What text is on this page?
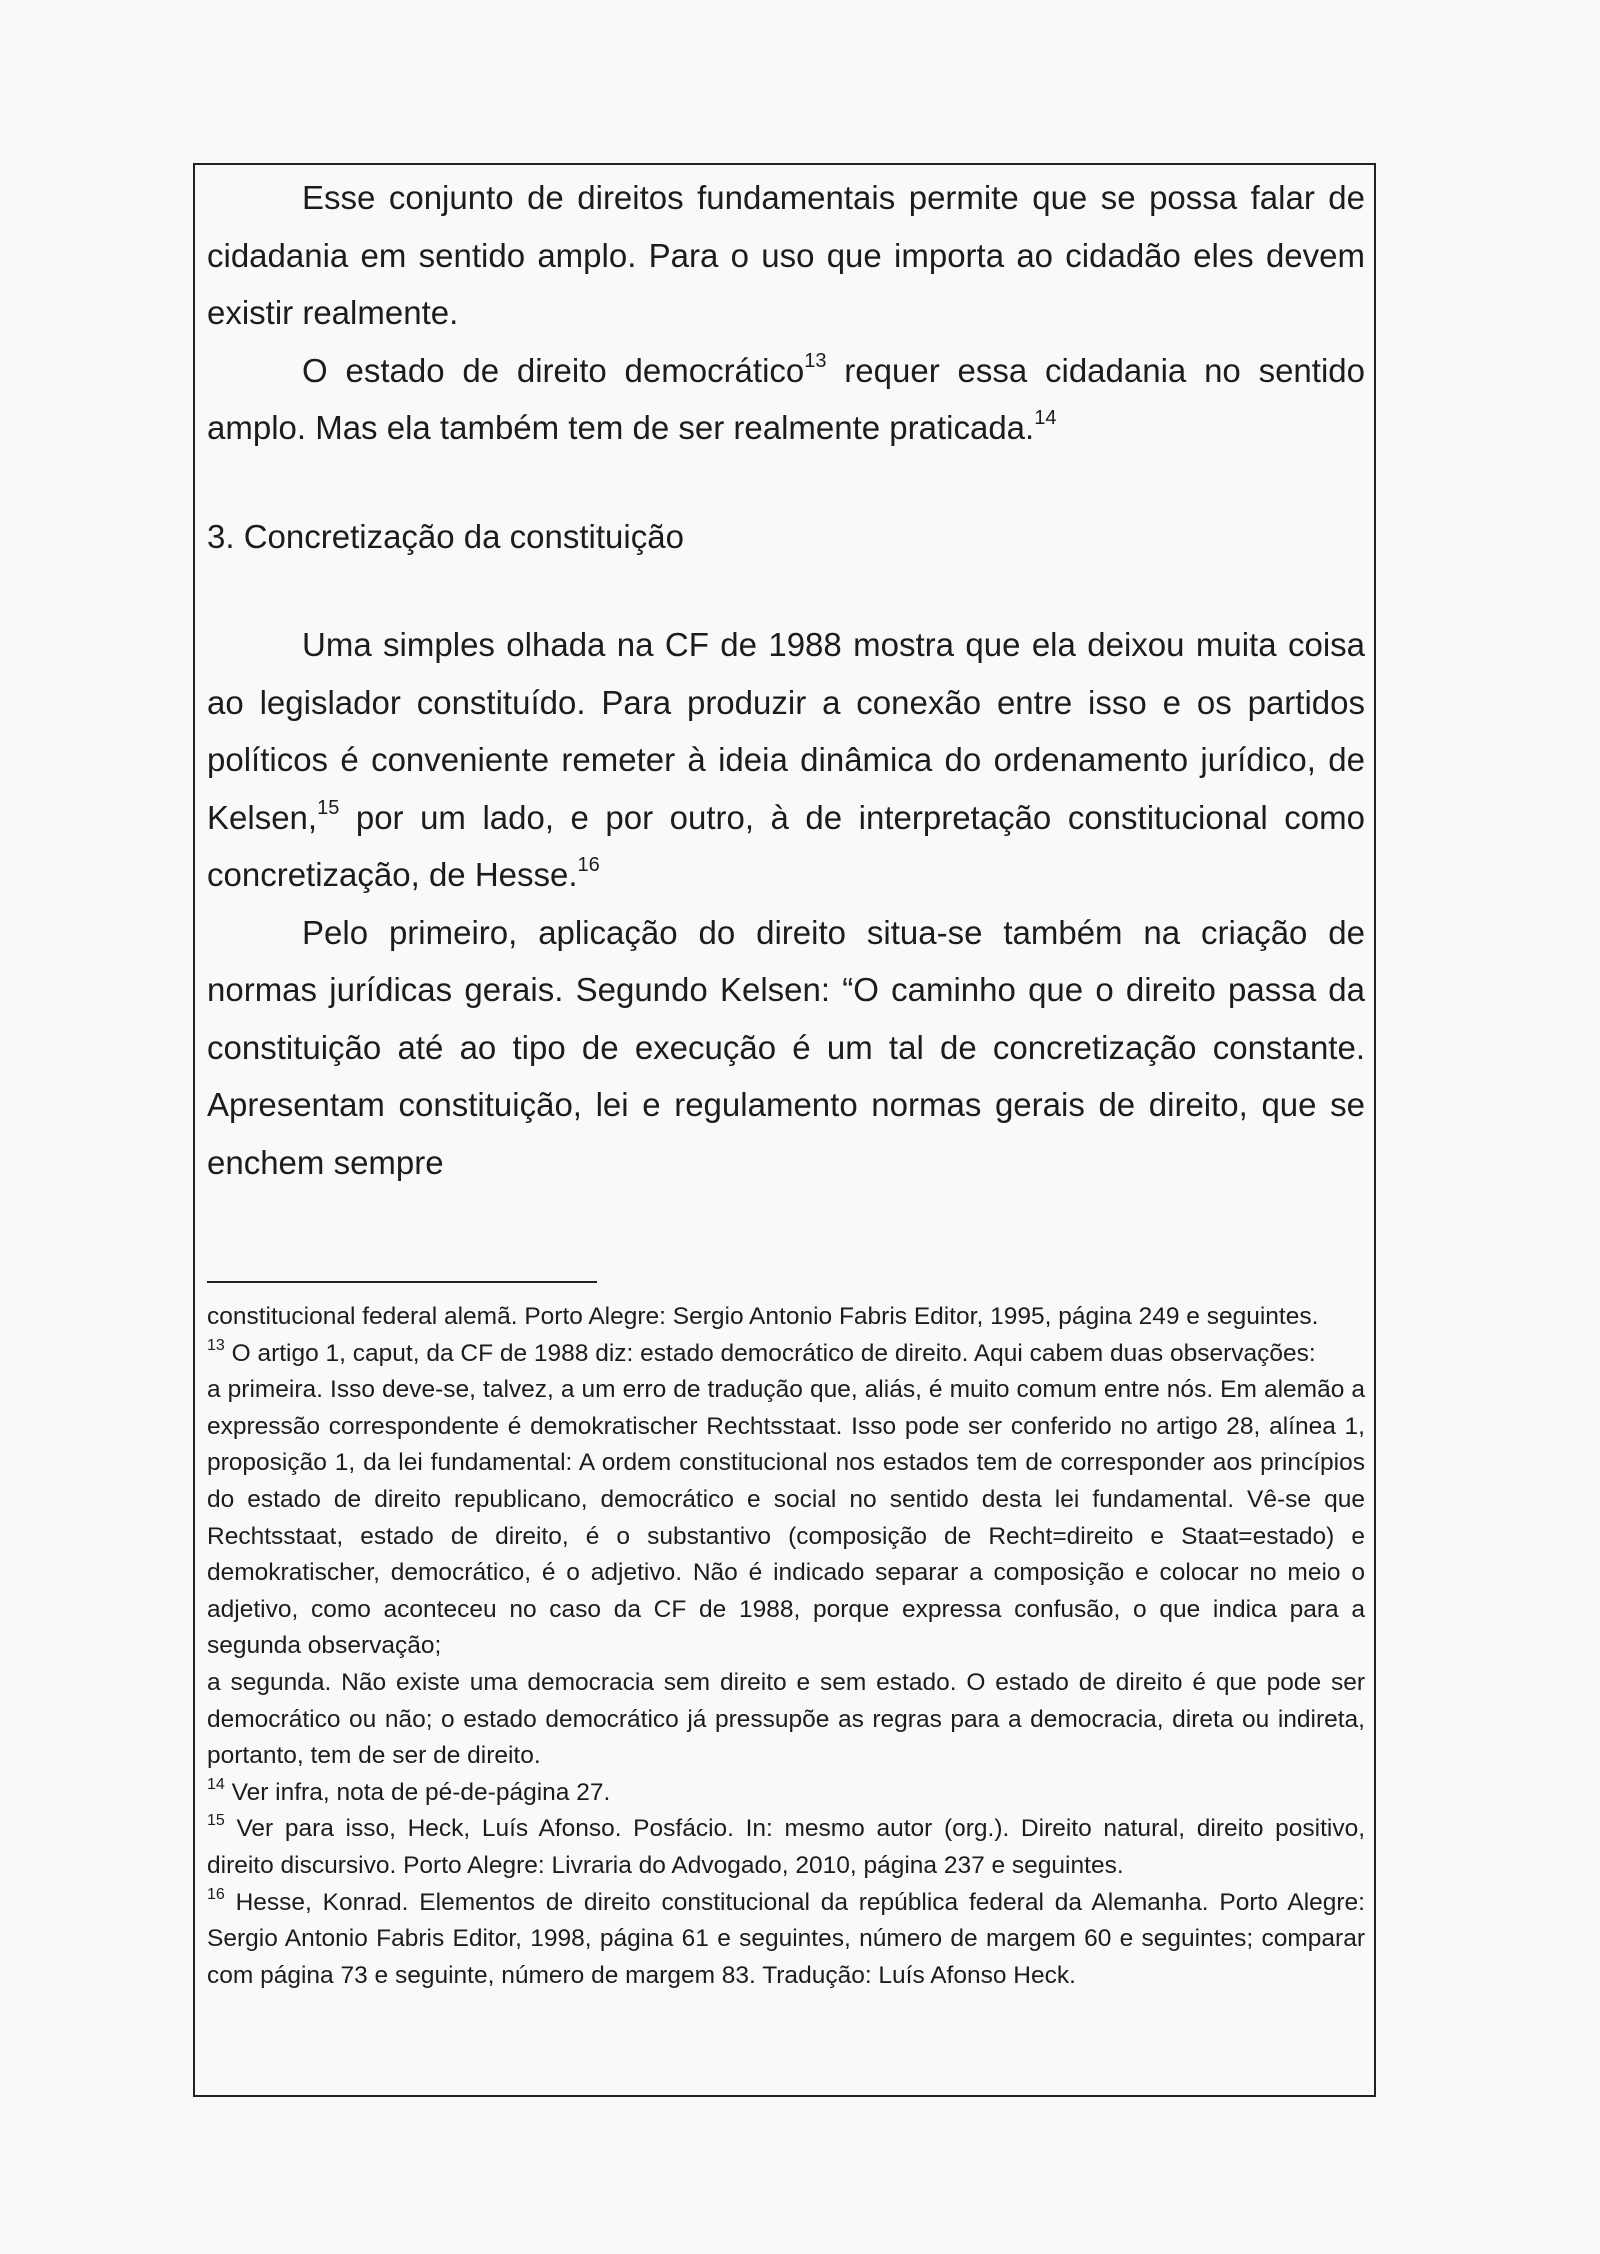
Esse conjunto de direitos fundamentais permite que se possa falar de cidadania em sentido amplo. Para o uso que importa ao cidadão eles devem existir realmente.

O estado de direito democrático$^{13}$ requer essa cidadania no sentido amplo. Mas ela também tem de ser realmente praticada.$^{14}$

3. Concretização da constituição

Uma simples olhada na CF de 1988 mostra que ela deixou muita coisa ao legislador constituído. Para produzir a conexão entre isso e os partidos políticos é conveniente remeter à ideia dinâmica do ordenamento jurídico, de Kelsen,$^{15}$ por um lado, e por outro, à de interpretação constitucional como concretização, de Hesse.$^{16}$

Pelo primeiro, aplicação do direito situa-se também na criação de normas jurídicas gerais. Segundo Kelsen: “O caminho que o direito passa da constituição até ao tipo de execução é um tal de concretização constante. Apresentam constituição, lei e regulamento normas gerais de direito, que se enchem sempre

constitucional federal alemã. Porto Alegre: Sergio Antonio Fabris Editor, 1995, página 249 e seguintes.

$^{13}$ O artigo 1, caput, da CF de 1988 diz: estado democrático de direito. Aqui cabem duas observações:

a primeira. Isso deve-se, talvez, a um erro de tradução que, aliás, é muito comum entre nós. Em alemão a expressão correspondente é demokratischer Rechtsstaat. Isso pode ser conferido no artigo 28, alínea 1, proposição 1, da lei fundamental: A ordem constitucional nos estados tem de corresponder aos princípios do estado de direito republicano, democrático e social no sentido desta lei fundamental. Vê-se que Rechtsstaat, estado de direito, é o substantivo (composição de Recht=direito e Staat=estado) e demokratischer, democrático, é o adjetivo. Não é indicado separar a composição e colocar no meio o adjetivo, como aconteceu no caso da CF de 1988, porque expressa confusão, o que indica para a segunda observação;

a segunda. Não existe uma democracia sem direito e sem estado. O estado de direito é que pode ser democrático ou não; o estado democrático já pressupõe as regras para a democracia, direta ou indireta, portanto, tem de ser de direito.

$^{14}$ Ver infra, nota de pé-de-página 27.

$^{15}$ Ver para isso, Heck, Luís Afonso. Posfácio. In: mesmo autor (org.). Direito natural, direito positivo, direito discursivo. Porto Alegre: Livraria do Advogado, 2010, página 237 e seguintes.

$^{16}$ Hesse, Konrad. Elementos de direito constitucional da república federal da Alemanha. Porto Alegre: Sergio Antonio Fabris Editor, 1998, página 61 e seguintes, número de margem 60 e seguintes; comparar com página 73 e seguinte, número de margem 83. Tradução: Luís Afonso Heck.
